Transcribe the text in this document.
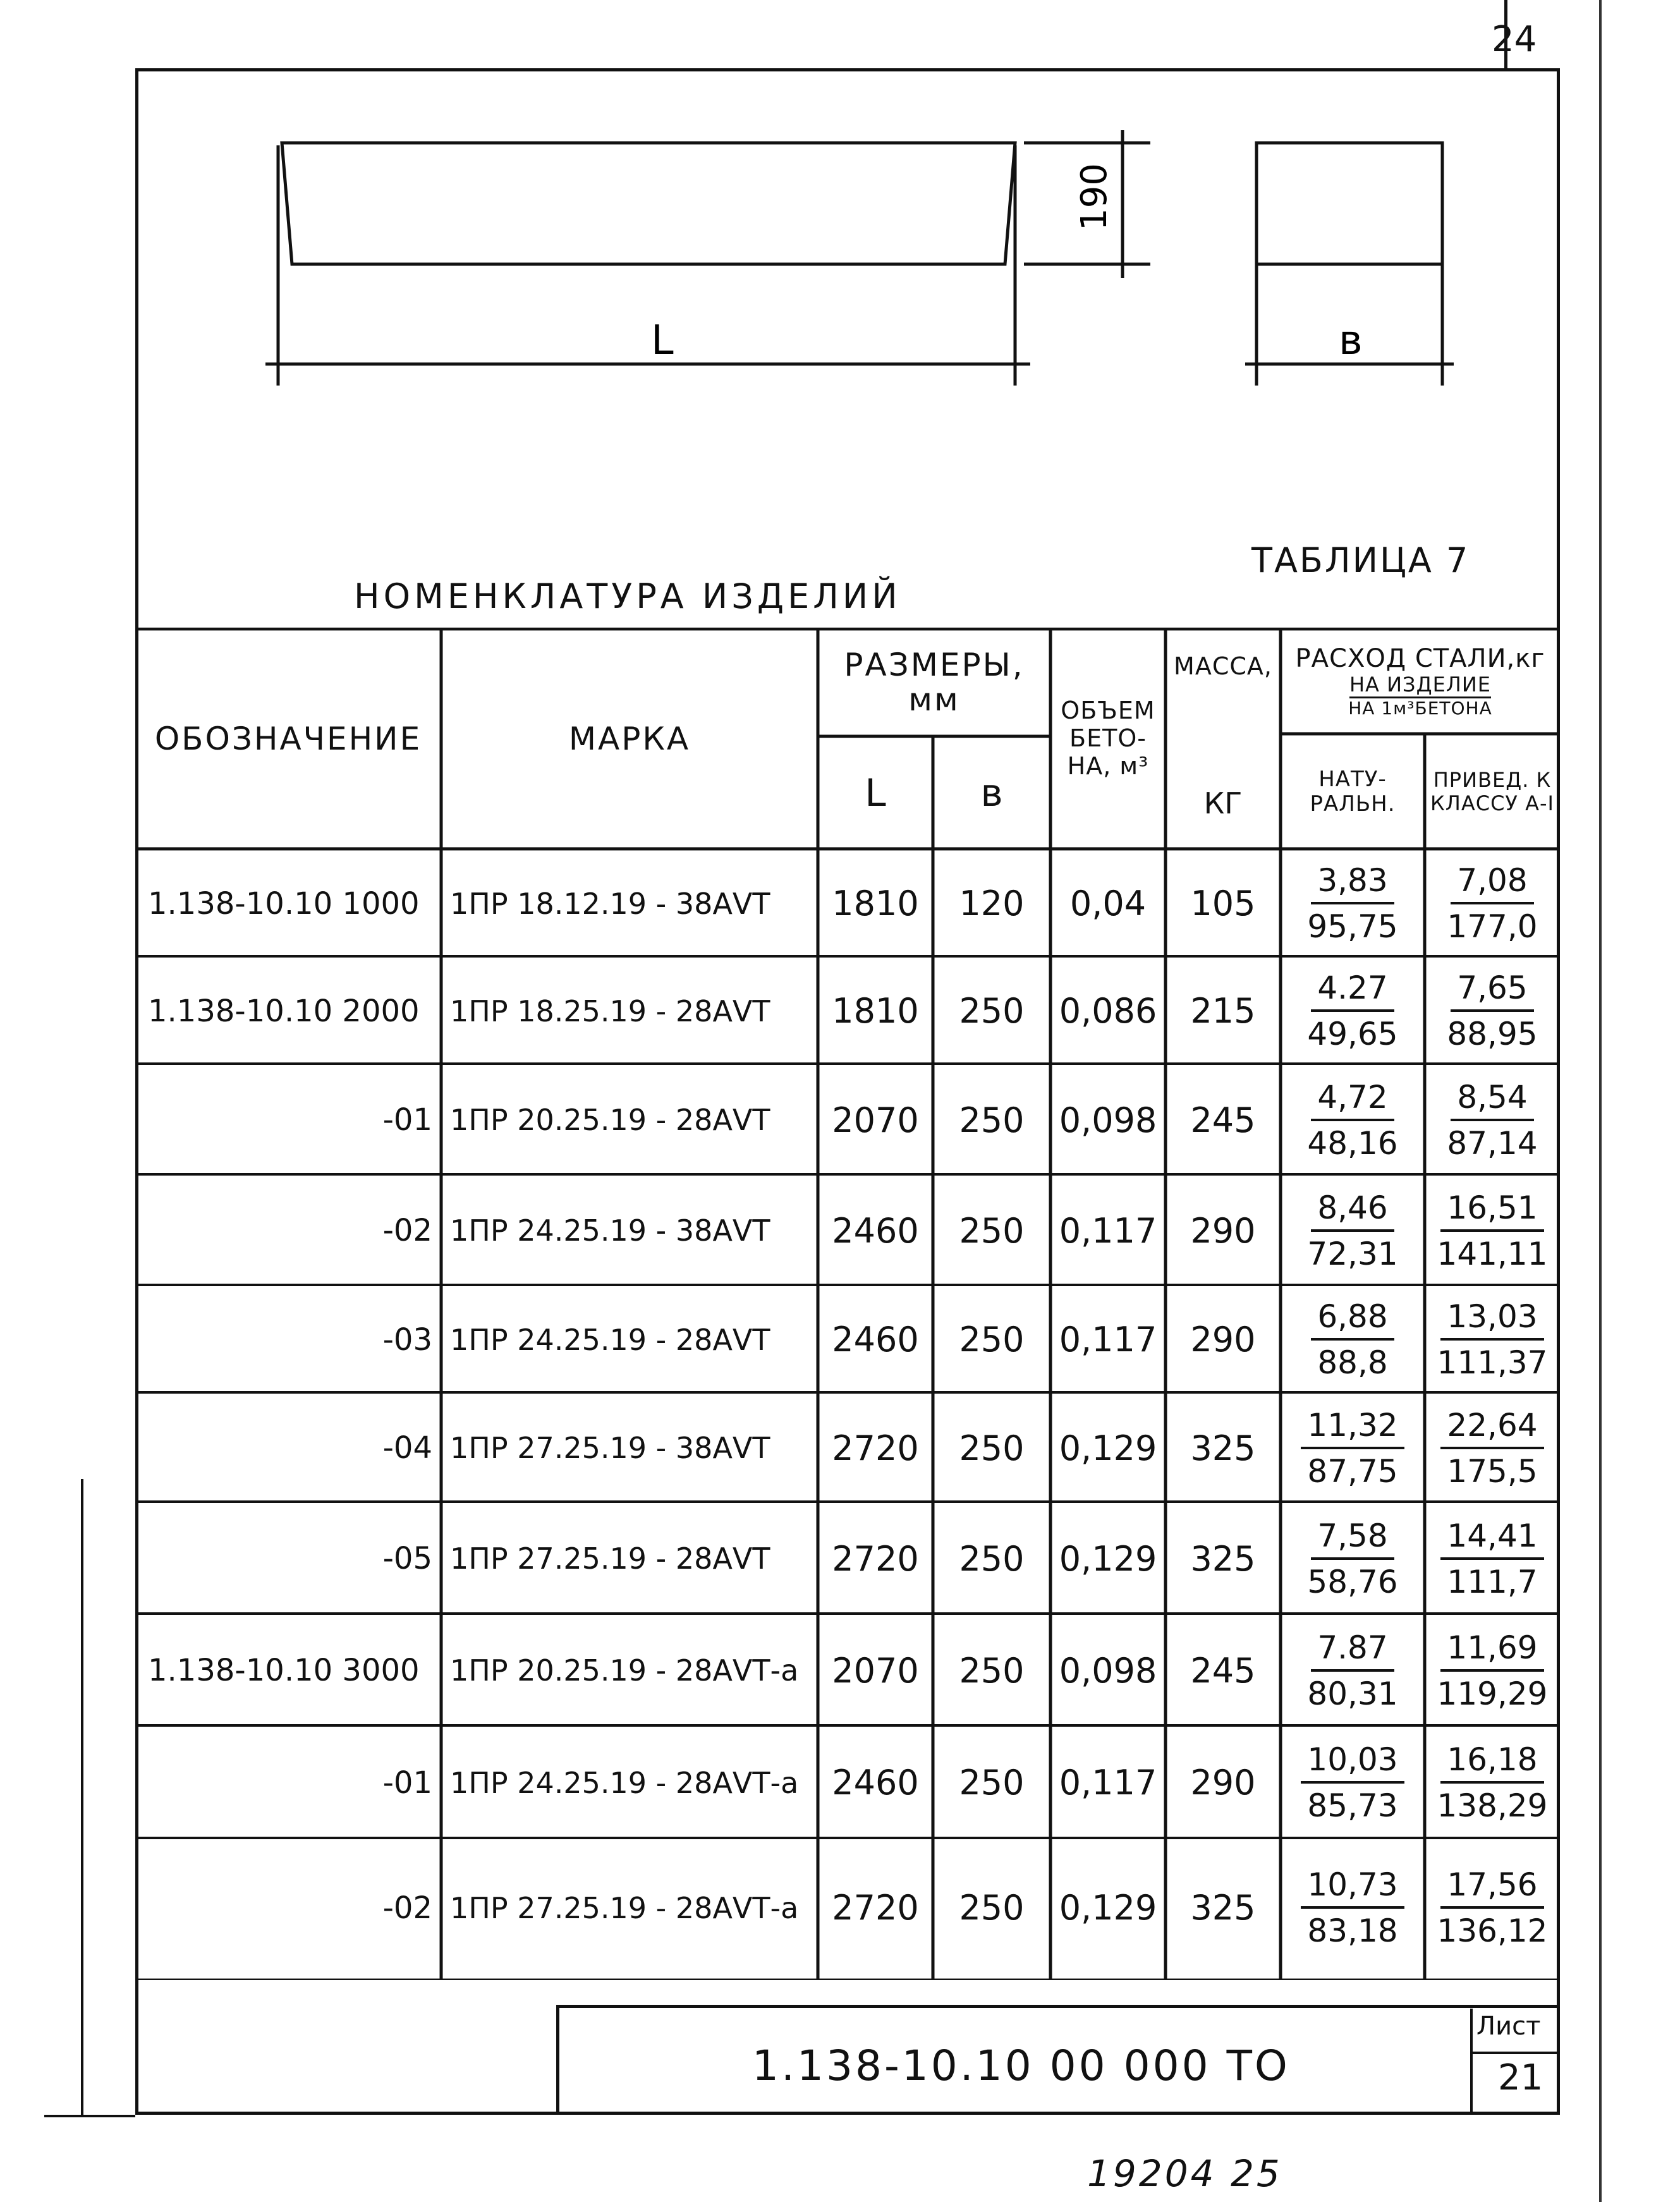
24
L	в
190
ТАБЛИЦА 7
НОМЕНКЛАТУРА ИЗДЕЛИЙ
ОБОЗНАЧЕНИЕ	МАРКА
РАЗМЕРЫ, мм
L	в
ОБЪЕМ БЕТО-НА, м³
МАССА,
КГ
РАСХОД СТАЛИ,кг
НА ИЗДЕЛИЕ
НА 1м³БЕТОНА
НАТУ-РАЛЬН.
ПРИВЕД. К КЛАССУ А-I
1.138-10.10 1000	1ПР 18.12.19 - 38АVТ	1810	120	0,04	$105 \frac{3,83}{95,75} \frac{7,08}{177,0}$
1.138-10.10 2000	1ПР 18.25.19 - 28АVТ	1810	250	0,086 $215 \frac{4.27}{49,65} \frac{7,65}{88,95}$
-01 1ПР 20.25.19 - 28АVТ	2070	250	0,098 $245 \frac{4,72}{48,16} \frac{8,54}{87,14}$
-02 1ПР 24.25.19 - 38АVТ	2460	250	0,117 $290 \frac{8,46}{72,31} \frac{16,51}{141,11}$
-03 1ПР 24.25.19 - 28АVТ	2460	250	0,117 $290 \frac{6,88}{88,8} \frac{13,03}{111,37}$
-04 1ПР 27.25.19 - 38АVТ	2720	250	0,129 $325 \frac{11,32}{87,75} \frac{22,64}{175,5}$
-05 1ПР 27.25.19 - 28АVТ	2720	250	0,129 $325 \frac{7,58}{58,76} \frac{14,41}{111,7}$
1.138-10.10 3000	1ПР 20.25.19 - 28АVТ-а 2070	250	0,098 $245 \frac{7.87}{80,31} \frac{11,69}{119,29}$
-01 1ПР 24.25.19 - 28АVТ-а 2460	250	0,117 $290 \frac{10,03}{85,73} \frac{16,18}{138,29}$
-02 1ПР 27.25.19 - 28АVТ-а 2720	250	0,129 $325 \frac{10,73}{83,18} \frac{17,56}{136,12}$
1.138-10.10 00 000 ТО
Лист
21
19204 25
